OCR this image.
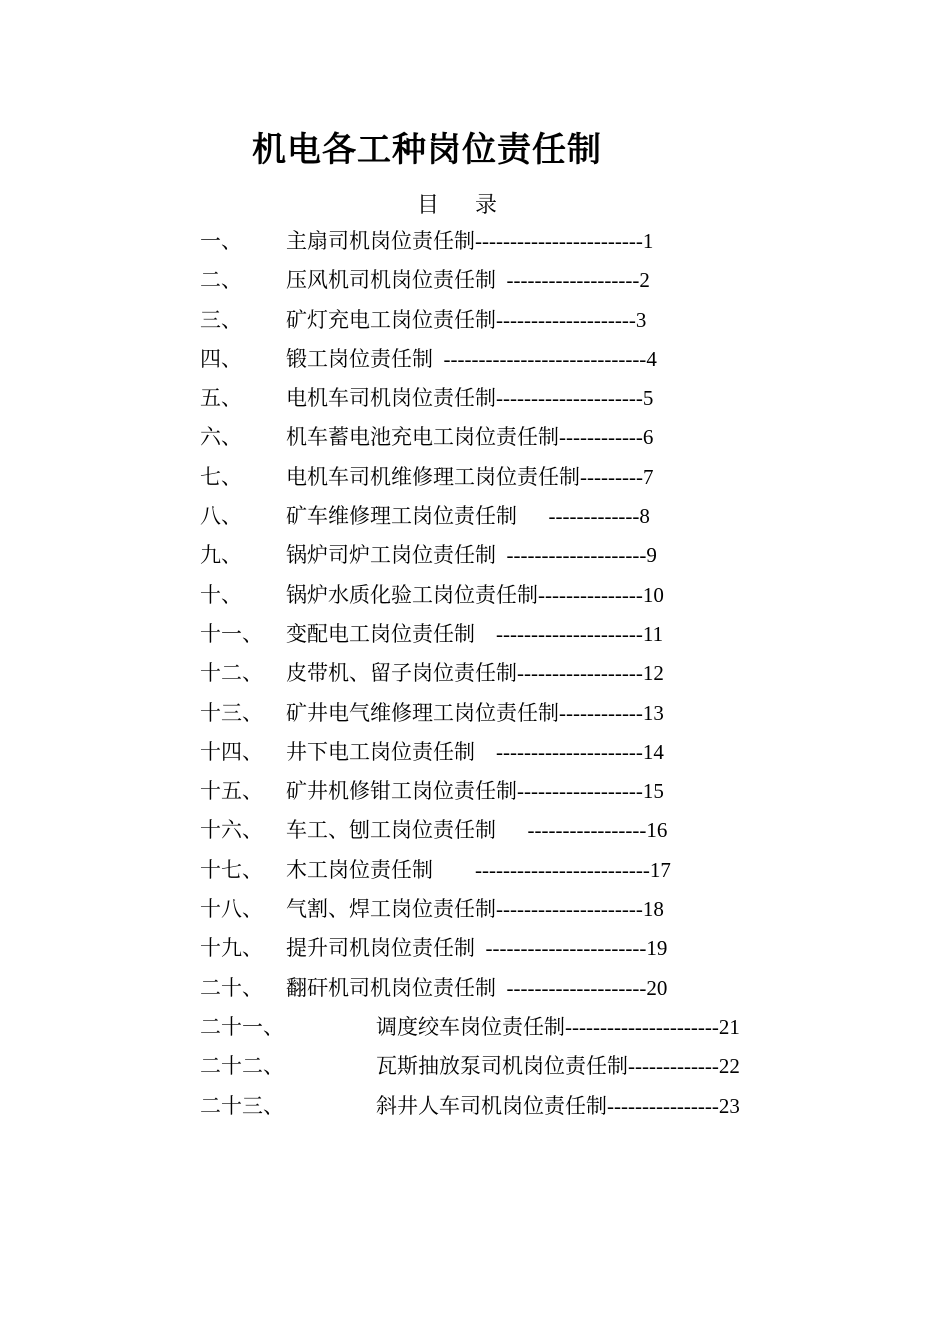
机电各工种岗位责任制
目 录
一、 主扇司机岗位责任制------------------------1
二、 压风机司机岗位责任制  -------------------2
三、 矿灯充电工岗位责任制--------------------3
四、 锻工岗位责任制  -----------------------------4
五、 电机车司机岗位责任制---------------------5
六、 机车蓄电池充电工岗位责任制------------6
七、 电机车司机维修理工岗位责任制---------7
八、 矿车维修理工岗位责任制      -------------8
九、 锅炉司炉工岗位责任制  --------------------9
十、 锅炉水质化验工岗位责任制---------------10
十一、 变配电工岗位责任制    ---------------------11
十二、 皮带机、留子岗位责任制------------------12
十三、 矿井电气维修理工岗位责任制------------13
十四、 井下电工岗位责任制    ---------------------14
十五、 矿井机修钳工岗位责任制------------------15
十六、 车工、刨工岗位责任制      -----------------16
十七、 木工岗位责任制        -------------------------17
十八、 气割、焊工岗位责任制---------------------18
十九、 提升司机岗位责任制  -----------------------19
二十、 翻矸机司机岗位责任制  --------------------20
二十一、	调度绞车岗位责任制----------------------21
二十二、	瓦斯抽放泵司机岗位责任制-------------22
二十三、	斜井人车司机岗位责任制----------------23
